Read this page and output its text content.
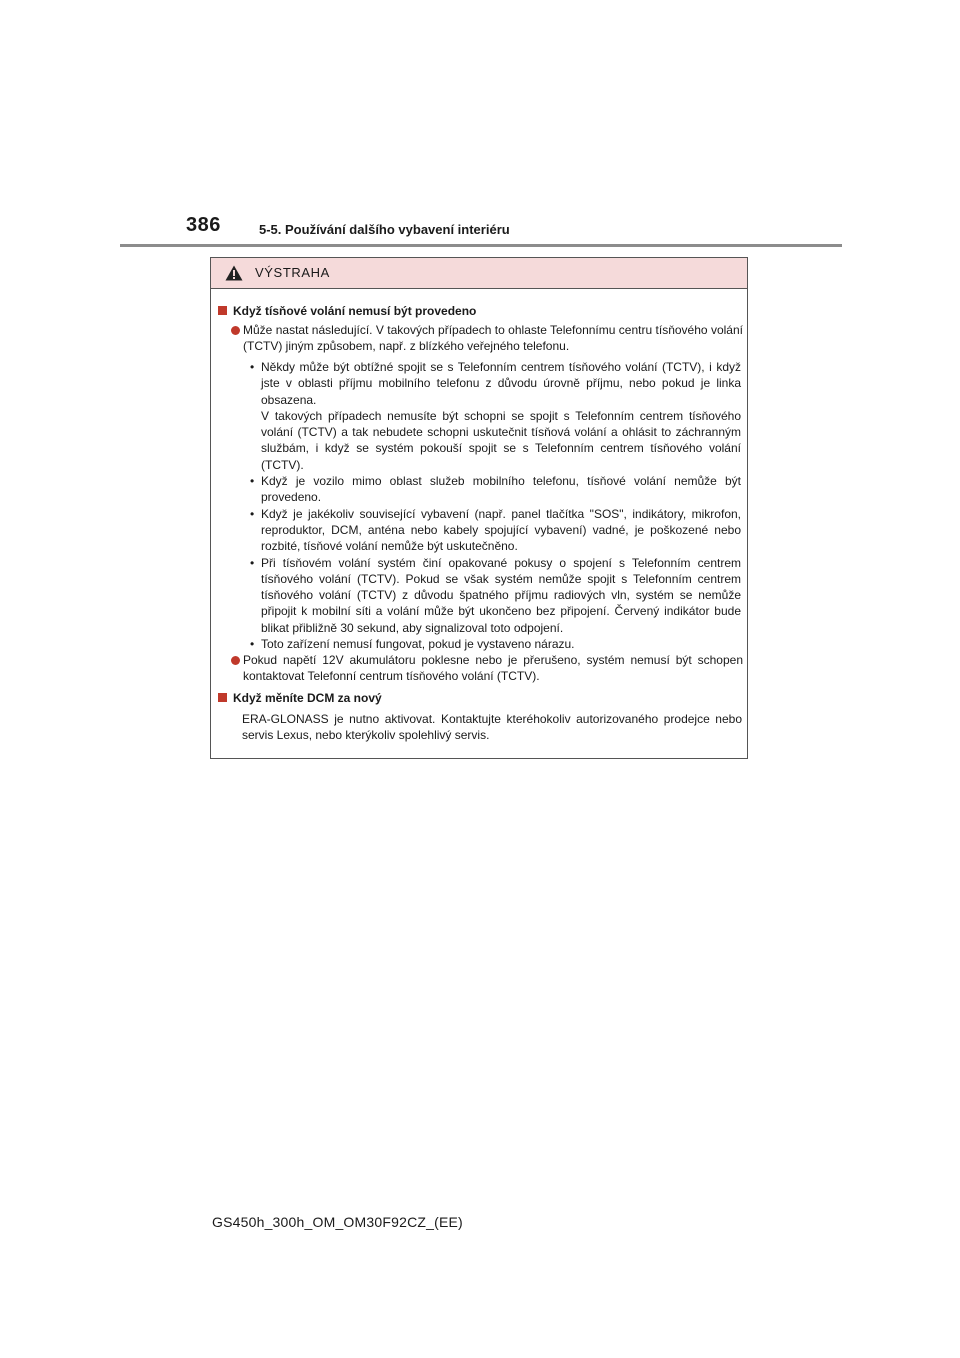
386	5-5. Používání dalšího vybavení interiéru
VÝSTRAHA
Když tísňové volání nemusí být provedeno
Může nastat následující. V takových případech to ohlaste Telefonnímu centru tísňového volání (TCTV) jiným způsobem, např. z blízkého veřejného telefonu.
• Někdy může být obtížné spojit se s Telefonním centrem tísňového volání (TCTV), i když jste v oblasti příjmu mobilního telefonu z důvodu úrovně příjmu, nebo pokud je linka obsazena.
V takových případech nemusíte být schopni se spojit s Telefonním centrem tísňového volání (TCTV) a tak nebudete schopni uskutečnit tísňová volání a ohlásit to záchranným službám, i když se systém pokouší spojit se s Telefonním centrem tísňového volání (TCTV).
• Když je vozilo mimo oblast služeb mobilního telefonu, tísňové volání nemůže být provedeno.
• Když je jakékoliv související vybavení (např. panel tlačítka "SOS", indikátory, mikrofon, reproduktor, DCM, anténa nebo kabely spojující vybavení) vadné, je poškozené nebo rozbité, tísňové volání nemůže být uskutečněno.
• Při tísňovém volání systém činí opakované pokusy o spojení s Telefonním centrem tísňového volání (TCTV). Pokud se však systém nemůže spojit s Telefonním centrem tísňového volání (TCTV) z důvodu špatného příjmu radiových vln, systém se nemůže připojit k mobilní síti a volání může být ukončeno bez připojení. Červený indikátor bude blikat přibližně 30 sekund, aby signalizoval toto odpojení.
• Toto zařízení nemusí fungovat, pokud je vystaveno nárazu.
Pokud napětí 12V akumulátoru poklesne nebo je přerušeno, systém nemusí být schopen kontaktovat Telefonní centrum tísňového volání (TCTV).
Když měníte DCM za nový
ERA-GLONASS je nutno aktivovat. Kontaktujte kteréhokoliv autorizovaného prodejce nebo servis Lexus, nebo kterýkoliv spolehlivý servis.
GS450h_300h_OM_OM30F92CZ_(EE)
